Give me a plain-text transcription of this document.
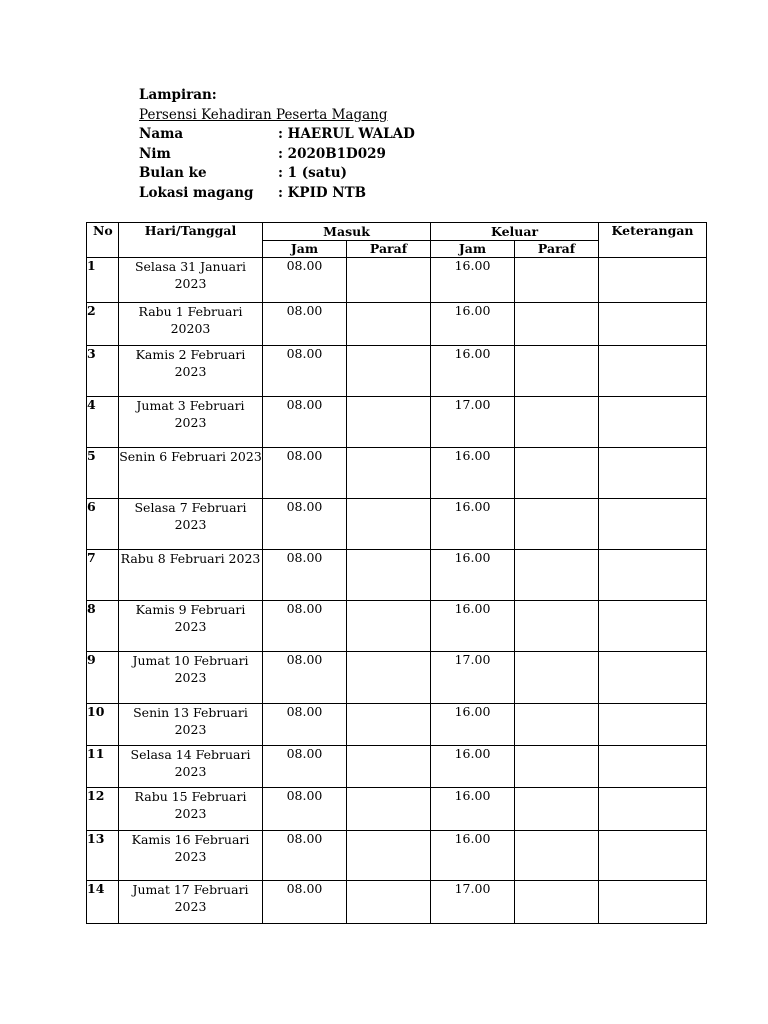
Lampiran:
Persensi Kehadiran Peserta Magang
Nama	: HAERUL WALAD
Nim	: 2020B1D029
Bulan ke	: 1 (satu)
Lokasi magang : KPID NTB
No	Hari/Tanggal	Masuk		Keluar		Keterangan
		Jam	Paraf	Jam	Paraf	
1	Selasa 31 Januari 2023	08.00		16.00		
2	Rabu 1 Februari 20203	08.00		16.00		
3	Kamis 2 Februari 2023	08.00		16.00		
4	Jumat 3 Februari 2023	08.00		17.00		
5	Senin 6 Februari 2023	08.00		16.00		
6	Selasa 7 Februari 2023	08.00		16.00		
7	Rabu 8 Februari 2023	08.00		16.00		
8	Kamis 9 Februari 2023	08.00		16.00		
9	Jumat 10 Februari 2023	08.00		17.00		
10	Senin 13 Februari 2023	08.00		16.00		
11	Selasa 14 Februari 2023	08.00		16.00		
12	Rabu 15 Februari 2023	08.00		16.00		
13	Kamis 16 Februari 2023	08.00		16.00		
14	Jumat 17 Februari 2023	08.00		17.00		
